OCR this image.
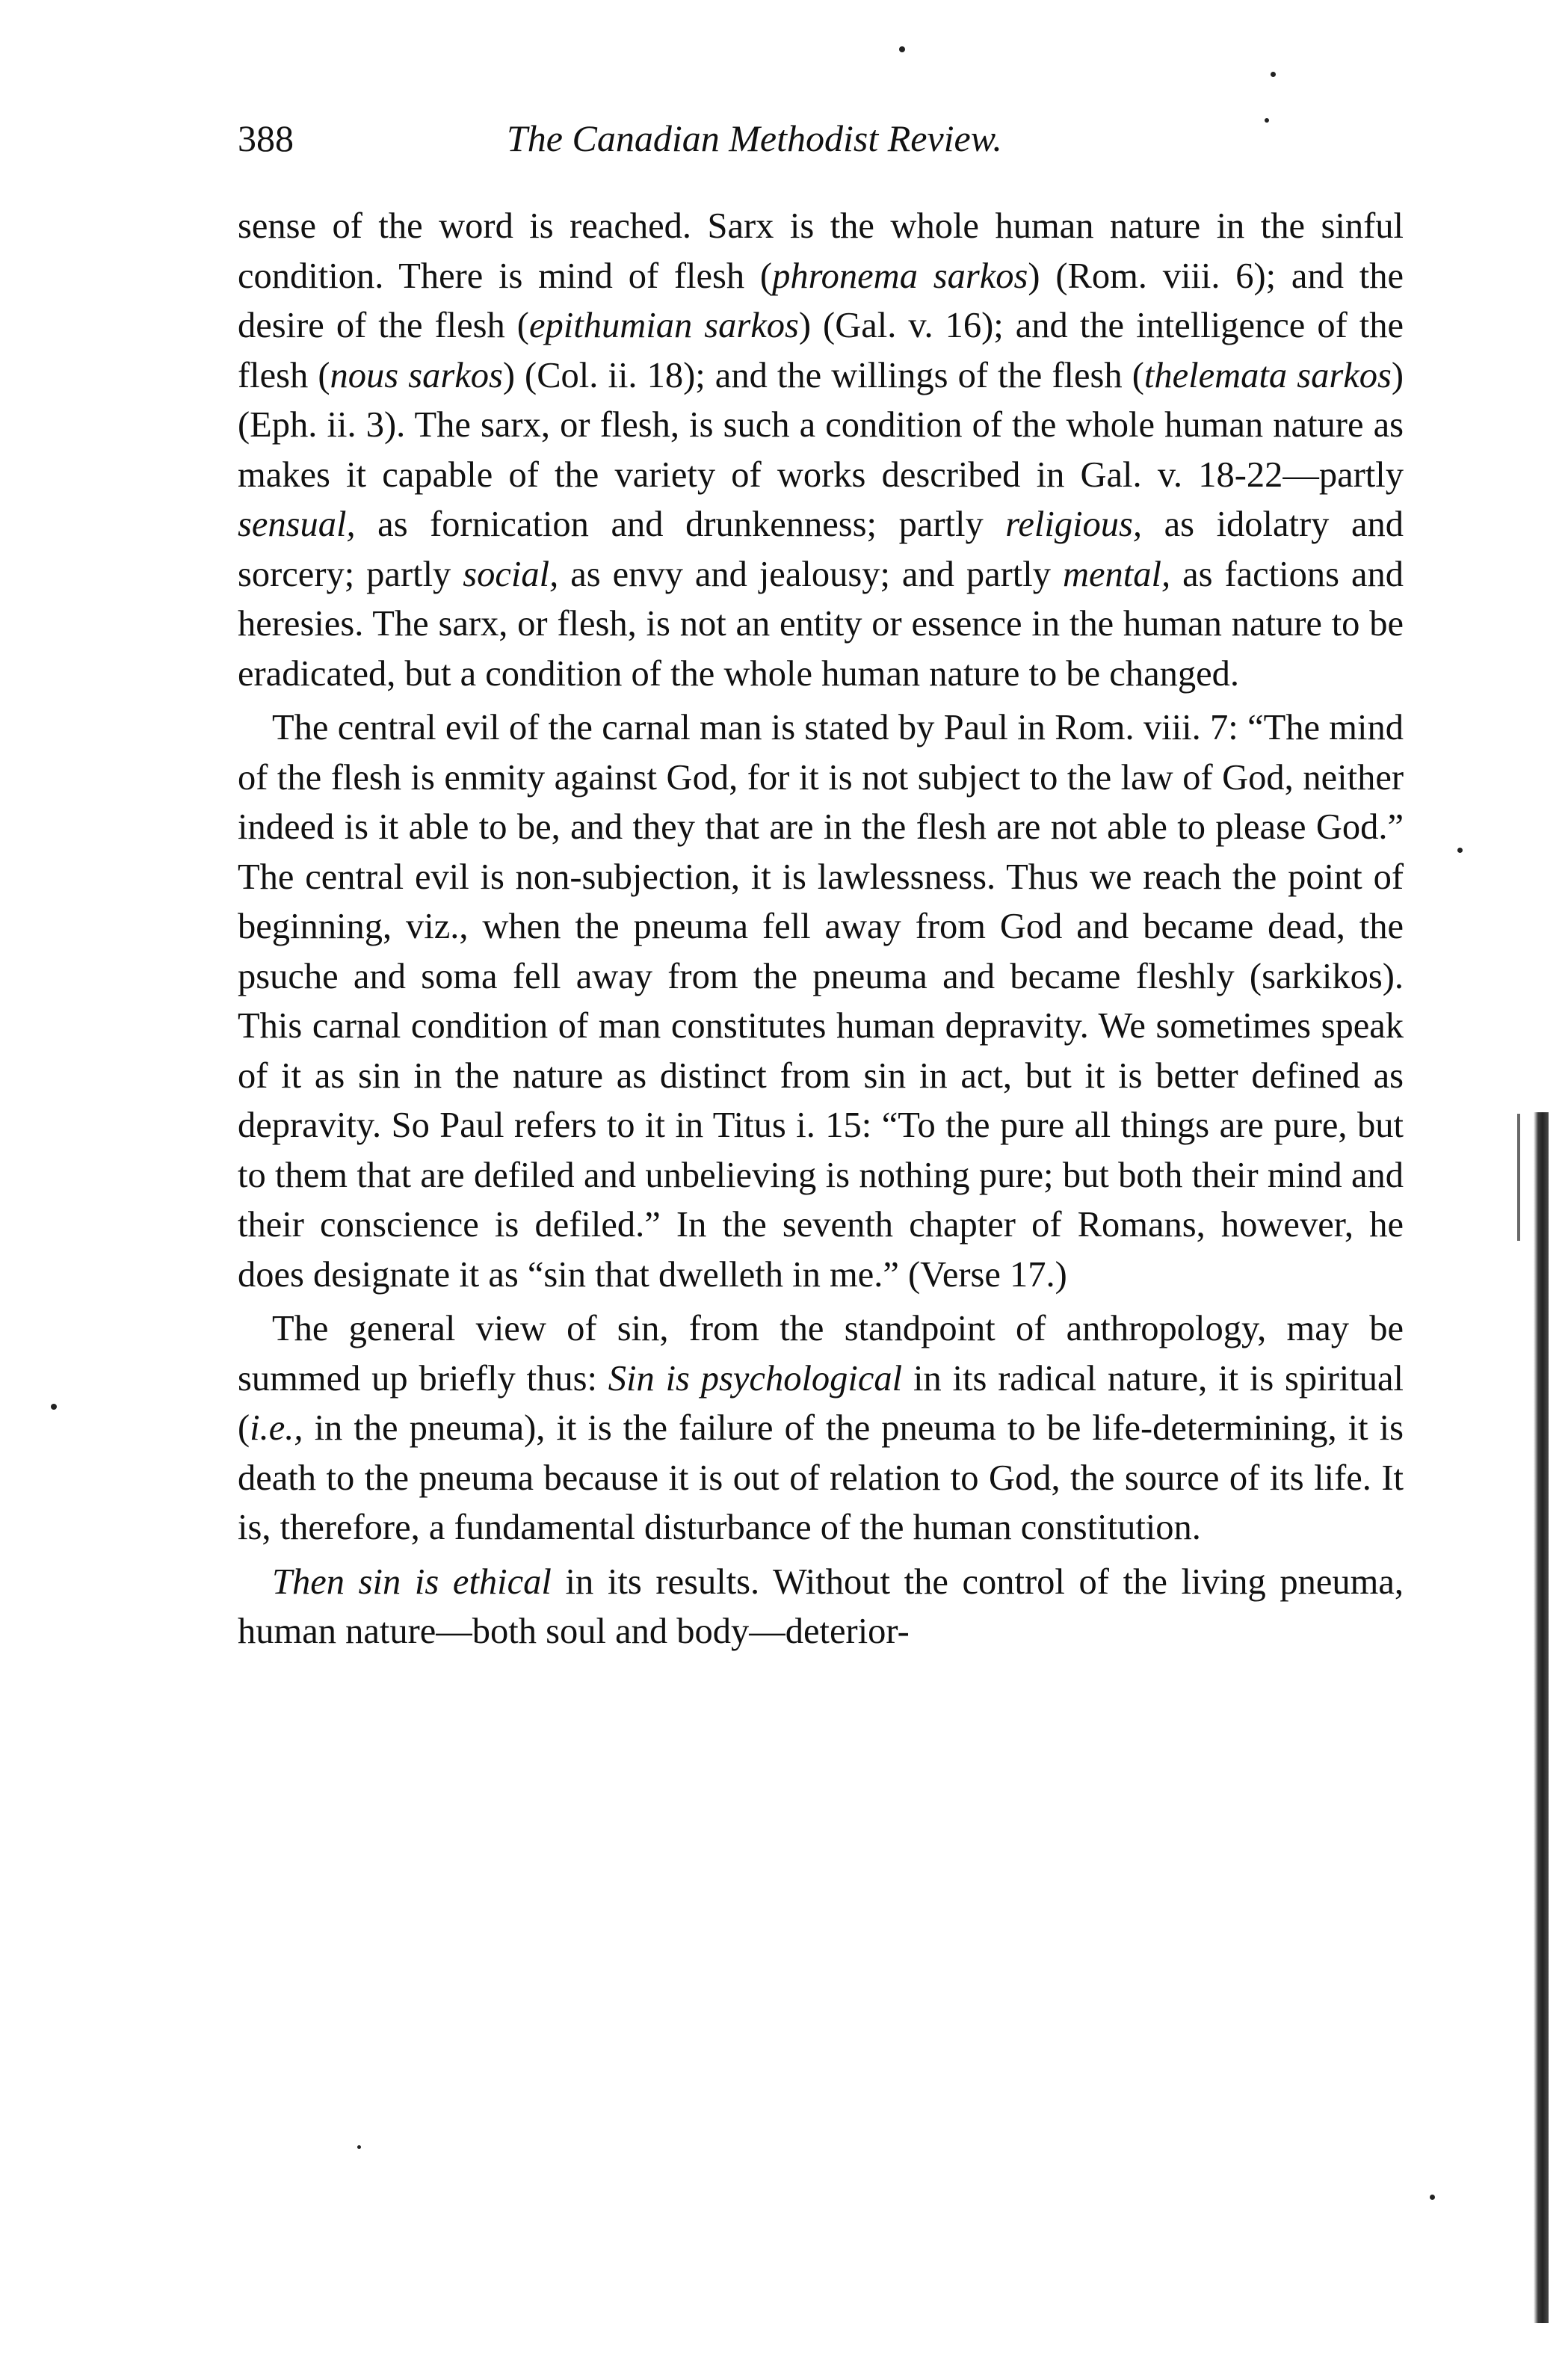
388	The Canadian Methodist Review.

sense of the word is reached. Sarx is the whole human nature in the sinful condition. There is mind of flesh (phronema sarkos) (Rom. viii. 6); and the desire of the flesh (epithumian sarkos) (Gal. v. 16); and the intelligence of the flesh (nous sarkos) (Col. ii. 18); and the willings of the flesh (thelemata sarkos) (Eph. ii. 3). The sarx, or flesh, is such a condition of the whole human nature as makes it capable of the variety of works described in Gal. v. 18-22—partly sensual, as fornication and drunkenness; partly religious, as idolatry and sorcery; partly social, as envy and jealousy; and partly mental, as factions and heresies. The sarx, or flesh, is not an entity or essence in the human nature to be eradicated, but a condition of the whole human nature to be changed.

The central evil of the carnal man is stated by Paul in Rom. viii. 7: “The mind of the flesh is enmity against God, for it is not subject to the law of God, neither indeed is it able to be, and they that are in the flesh are not able to please God.” The central evil is non-subjection, it is lawlessness. Thus we reach the point of beginning, viz., when the pneuma fell away from God and became dead, the psuche and soma fell away from the pneuma and became fleshly (sarkikos). This carnal condition of man constitutes human depravity. We sometimes speak of it as sin in the nature as distinct from sin in act, but it is better defined as depravity. So Paul refers to it in Titus i. 15: “To the pure all things are pure, but to them that are defiled and unbelieving is nothing pure; but both their mind and their conscience is defiled.” In the seventh chapter of Romans, however, he does designate it as “sin that dwelleth in me.” (Verse 17.)

The general view of sin, from the standpoint of anthropology, may be summed up briefly thus: Sin is psychological in its radical nature, it is spiritual (i.e., in the pneuma), it is the failure of the pneuma to be life-determining, it is death to the pneuma because it is out of relation to God, the source of its life. It is, therefore, a fundamental disturbance of the human constitution.

Then sin is ethical in its results. Without the control of the living pneuma, human nature—both soul and body—deterior-
